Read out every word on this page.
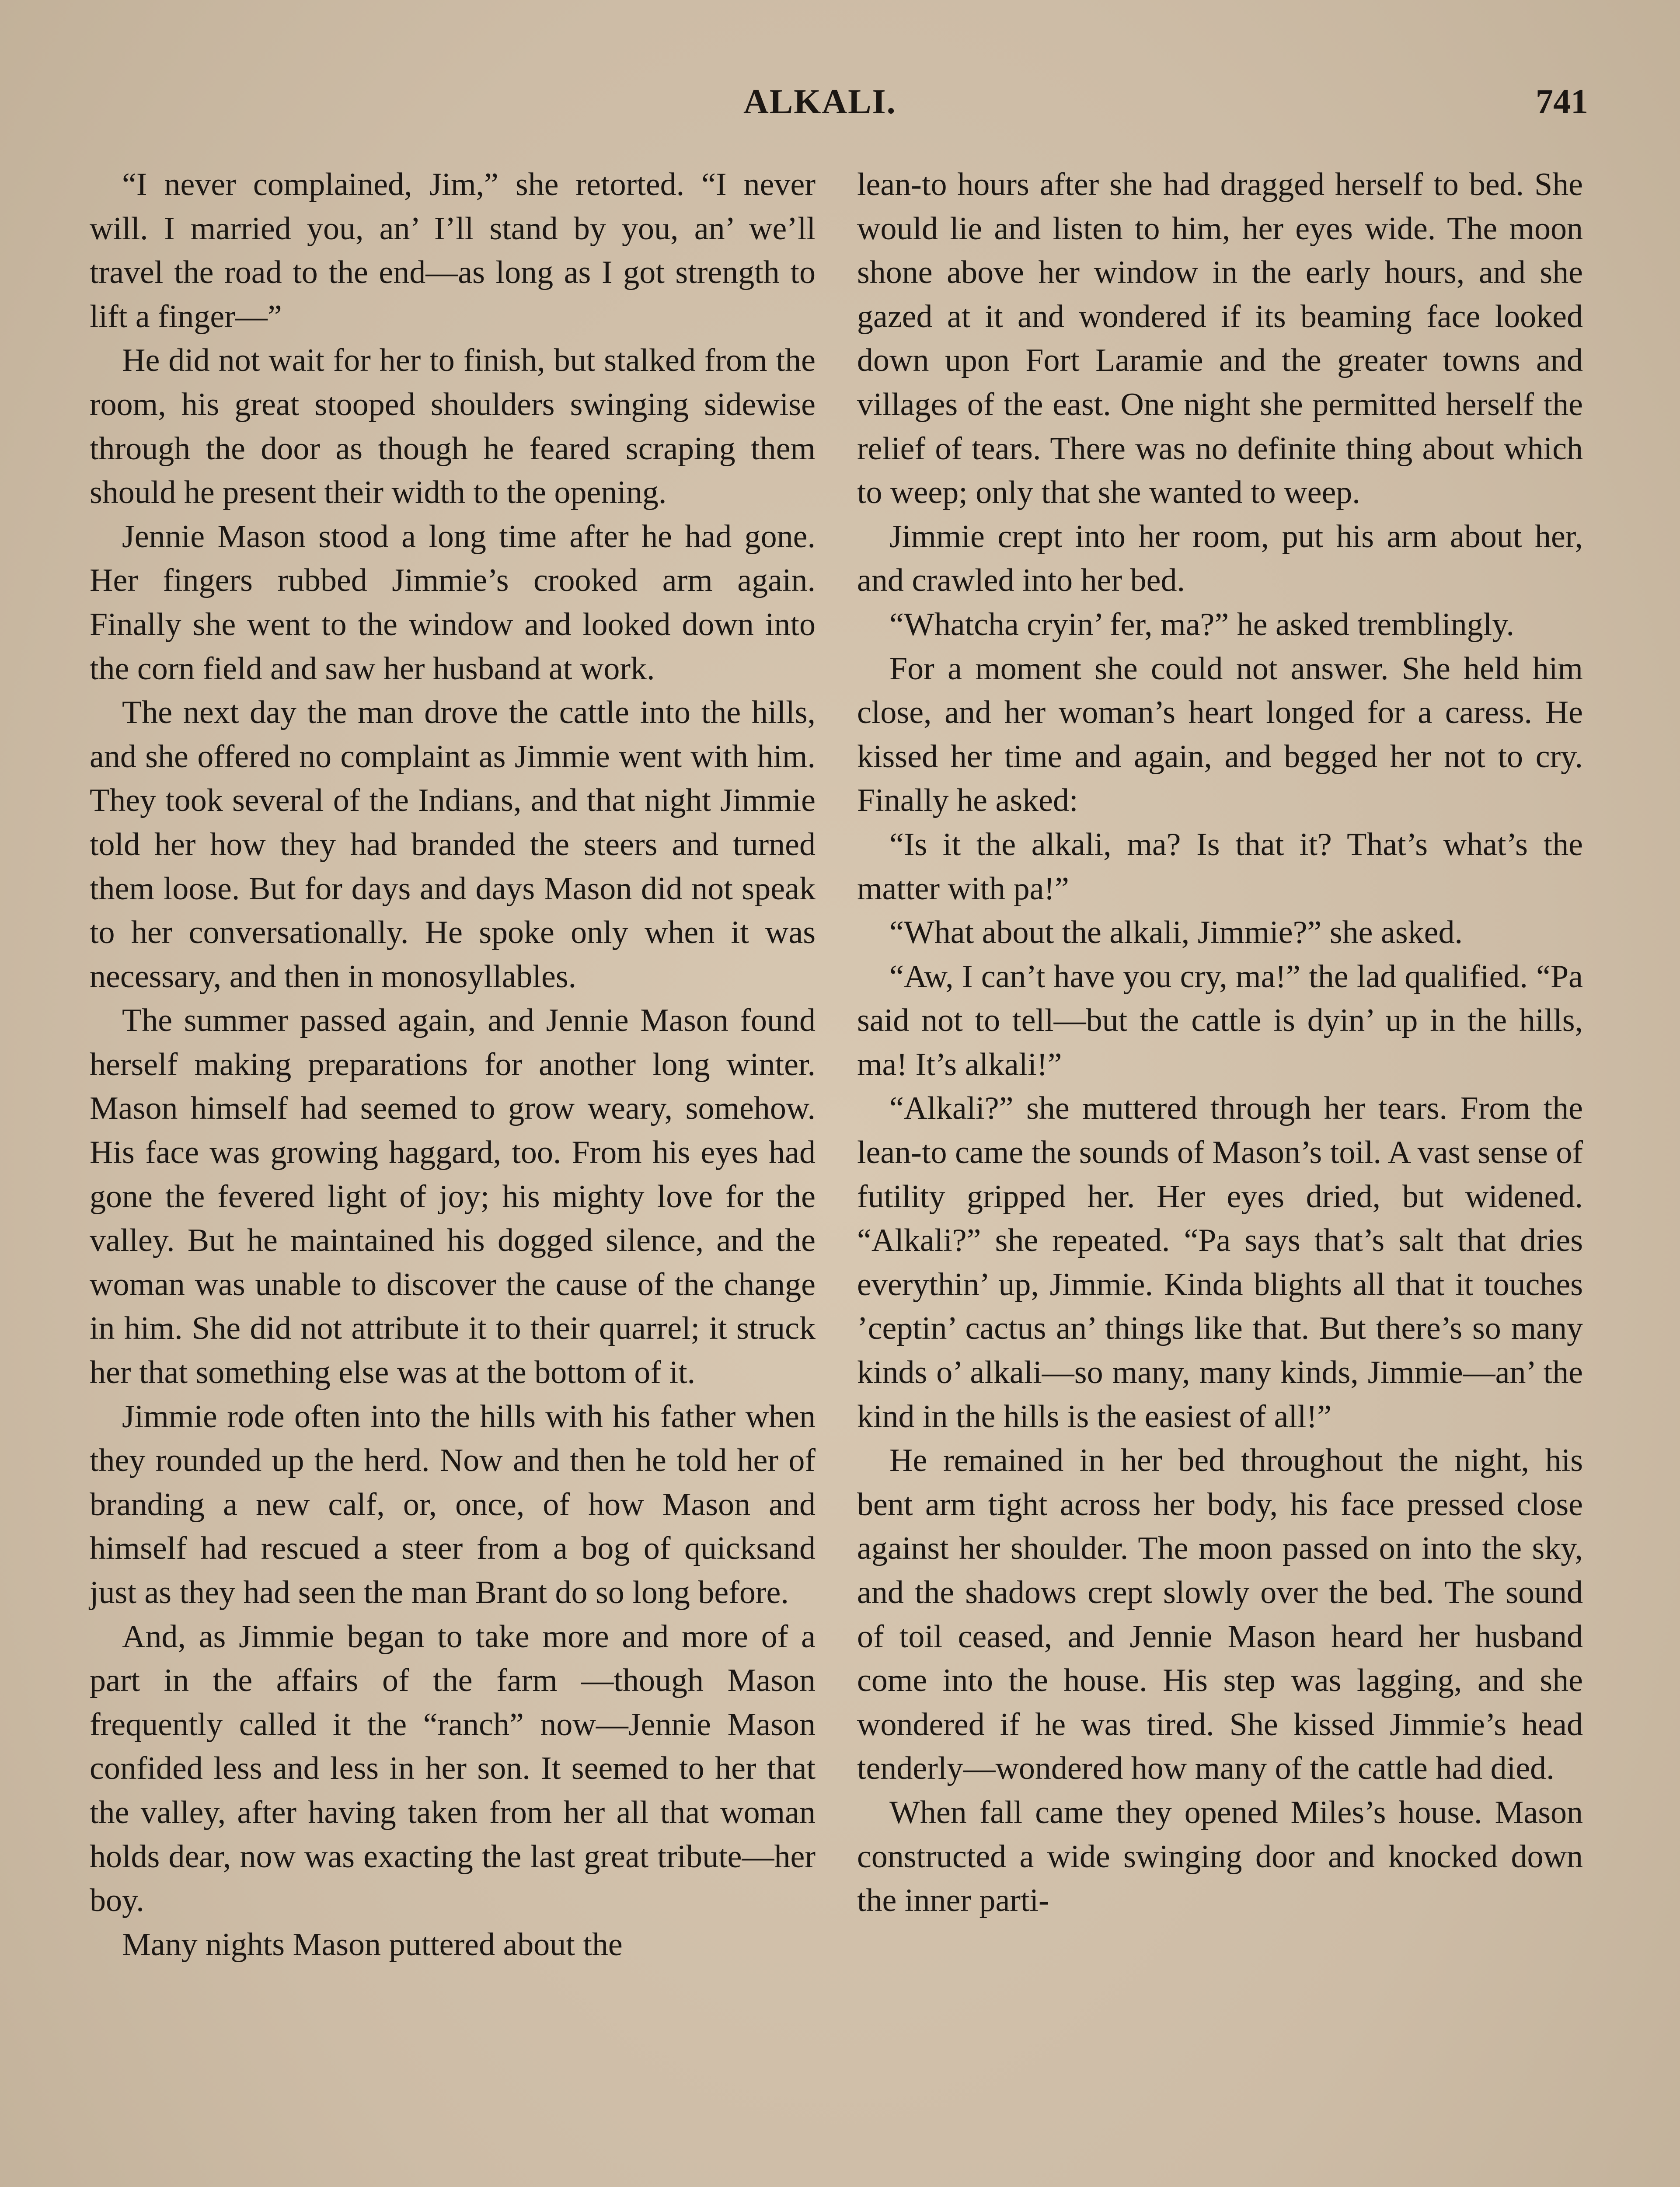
ALKALI.	741

“I never complained, Jim,” she retorted. “I never will. I married you, an’ I’ll stand by you, an’ we’ll travel the road to the end—as long as I got strength to lift a finger—”

He did not wait for her to finish, but stalked from the room, his great stooped shoulders swinging sidewise through the door as though he feared scraping them should he present their width to the opening.

Jennie Mason stood a long time after he had gone. Her fingers rubbed Jimmie’s crooked arm again. Finally she went to the window and looked down into the corn field and saw her husband at work.

The next day the man drove the cattle into the hills, and she offered no complaint as Jimmie went with him. They took several of the Indians, and that night Jimmie told her how they had branded the steers and turned them loose. But for days and days Mason did not speak to her conversationally. He spoke only when it was necessary, and then in monosyllables.

The summer passed again, and Jennie Mason found herself making preparations for another long winter. Mason himself had seemed to grow weary, somehow. His face was growing haggard, too. From his eyes had gone the fevered light of joy; his mighty love for the valley. But he maintained his dogged silence, and the woman was unable to discover the cause of the change in him. She did not attribute it to their quarrel; it struck her that something else was at the bottom of it.

Jimmie rode often into the hills with his father when they rounded up the herd. Now and then he told her of branding a new calf, or, once, of how Mason and himself had rescued a steer from a bog of quicksand just as they had seen the man Brant do so long before.

And, as Jimmie began to take more and more of a part in the affairs of the farm —though Mason frequently called it the “ranch” now—Jennie Mason confided less and less in her son. It seemed to her that the valley, after having taken from her all that woman holds dear, now was exacting the last great tribute—her boy.

Many nights Mason puttered about the

lean-to hours after she had dragged herself to bed. She would lie and listen to him, her eyes wide. The moon shone above her window in the early hours, and she gazed at it and wondered if its beaming face looked down upon Fort Laramie and the greater towns and villages of the east. One night she permitted herself the relief of tears. There was no definite thing about which to weep; only that she wanted to weep.

Jimmie crept into her room, put his arm about her, and crawled into her bed.

“Whatcha cryin’ fer, ma?” he asked tremblingly.

For a moment she could not answer. She held him close, and her woman’s heart longed for a caress. He kissed her time and again, and begged her not to cry. Finally he asked:

“Is it the alkali, ma? Is that it? That’s what’s the matter with pa!”

“What about the alkali, Jimmie?” she asked.

“Aw, I can’t have you cry, ma!” the lad qualified. “Pa said not to tell—but the cattle is dyin’ up in the hills, ma! It’s alkali!”

“Alkali?” she muttered through her tears. From the lean-to came the sounds of Mason’s toil. A vast sense of futility gripped her. Her eyes dried, but widened. “Alkali?” she repeated. “Pa says that’s salt that dries everythin’ up, Jimmie. Kinda blights all that it touches ’ceptin’ cactus an’ things like that. But there’s so many kinds o’ alkali—so many, many kinds, Jimmie—an’ the kind in the hills is the easiest of all!”

He remained in her bed throughout the night, his bent arm tight across her body, his face pressed close against her shoulder. The moon passed on into the sky, and the shadows crept slowly over the bed. The sound of toil ceased, and Jennie Mason heard her husband come into the house. His step was lagging, and she wondered if he was tired. She kissed Jimmie’s head tenderly—wondered how many of the cattle had died.

When fall came they opened Miles’s house. Mason constructed a wide swinging door and knocked down the inner parti-
